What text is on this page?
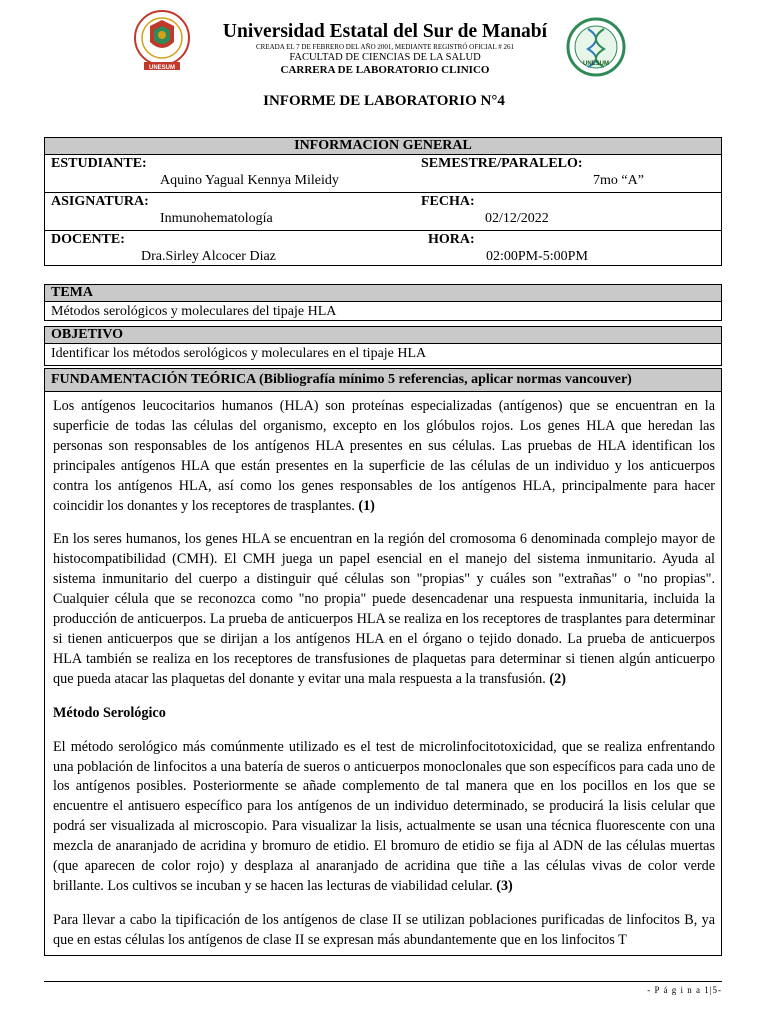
UNESUM
Universidad Estatal del Sur de Manabí
CREADA EL 7 DE FEBRERO DEL AÑO 2001, MEDIANTE REGISTRÓ OFICIAL # 261
FACULTAD DE CIENCIAS DE LA SALUD
CARRERA DE LABORATORIO CLINICO	UNESUM
INFORME DE LABORATORIO N°4
INFORMACION GENERAL
ESTUDIANTE:
Aquino Yagual Kennya Mileidy
SEMESTRE/PARALELO:
7mo “A”
ASIGNATURA:
Inmunohematología
FECHA:
02/12/2022
DOCENTE:
Dra.Sirley Alcocer Diaz
HORA:
02:00PM-5:00PM
TEMA
Métodos serológicos y moleculares del tipaje HLA
OBJETIVO
Identificar los métodos serológicos y moleculares en el tipaje HLA
FUNDAMENTACIÓN TEÓRICA (Bibliografía mínimo 5 referencias, aplicar normas vancouver)

Los antígenos leucocitarios humanos (HLA) son proteínas especializadas (antígenos) que se encuentran en la superficie de todas las células del organismo, excepto en los glóbulos rojos. Los genes HLA que heredan las personas son responsables de los antígenos HLA presentes en sus células. Las pruebas de HLA identifican los principales antígenos HLA que están presentes en la superficie de las células de un individuo y los anticuerpos contra los antígenos HLA, así como los genes responsables de los antígenos HLA, principalmente para hacer coincidir los donantes y los receptores de trasplantes. (1)

En los seres humanos, los genes HLA se encuentran en la región del cromosoma 6 denominada complejo mayor de histocompatibilidad (CMH). El CMH juega un papel esencial en el manejo del sistema inmunitario. Ayuda al sistema inmunitario del cuerpo a distinguir qué células son "propias" y cuáles son "extrañas" o "no propias". Cualquier célula que se reconozca como "no propia" puede desencadenar una respuesta inmunitaria, incluida la producción de anticuerpos. La prueba de anticuerpos HLA se realiza en los receptores de trasplantes para determinar si tienen anticuerpos que se dirijan a los antígenos HLA en el órgano o tejido donado. La prueba de anticuerpos HLA también se realiza en los receptores de transfusiones de plaquetas para determinar si tienen algún anticuerpo que pueda atacar las plaquetas del donante y evitar una mala respuesta a la transfusión. (2)

Método Serológico

El método serológico más comúnmente utilizado es el test de microlinfocitotoxicidad, que se realiza enfrentando una población de linfocitos a una batería de sueros o anticuerpos monoclonales que son específicos para cada uno de los antígenos posibles. Posteriormente se añade complemento de tal manera que en los pocillos en los que se encuentre el antisuero específico para los antígenos de un individuo determinado, se producirá la lisis celular que podrá ser visualizada al microscopio. Para visualizar la lisis, actualmente se usan una técnica fluorescente con una mezcla de anaranjado de acridina y bromuro de etidio. El bromuro de etidio se fija al ADN de las células muertas (que aparecen de color rojo) y desplaza al anaranjado de acridina que tiñe a las células vivas de color verde brillante. Los cultivos se incuban y se hacen las lecturas de viabilidad celular. (3)

Para llevar a cabo la tipificación de los antígenos de clase II se utilizan poblaciones purificadas de linfocitos B, ya que en estas células los antígenos de clase II se expresan más abundantemente que en los linfocitos T

- P á g i n a 1|5-
